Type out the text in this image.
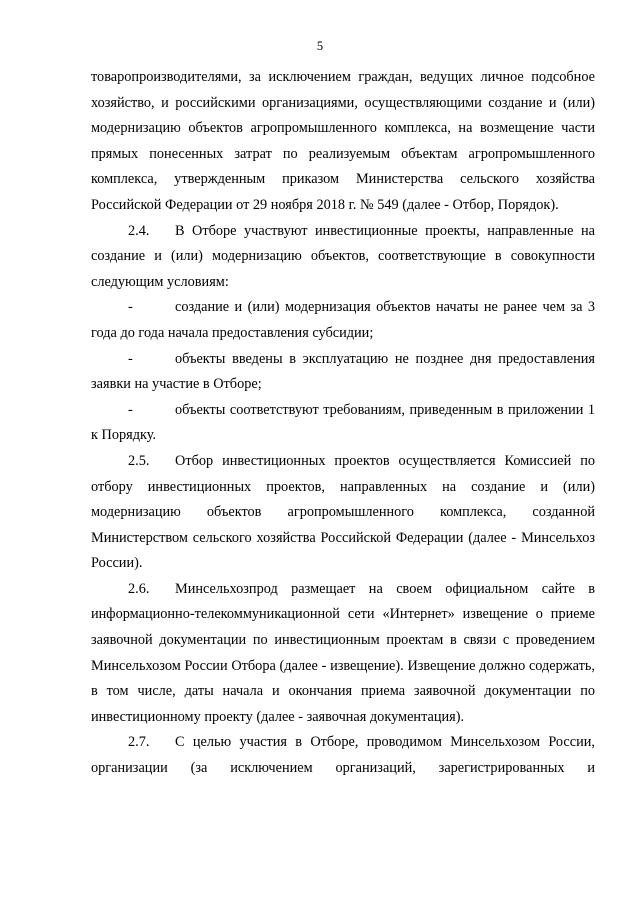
5

товаропроизводителями, за исключением граждан, ведущих личное подсобное хозяйство, и российскими организациями, осуществляющими создание и (или) модернизацию объектов агропромышленного комплекса, на возмещение части прямых понесенных затрат по реализуемым объектам агропромышленного комплекса, утвержденным приказом Министерства сельского хозяйства Российской Федерации от 29 ноября 2018 г. № 549 (далее - Отбор, Порядок).

2.4. В Отборе участвуют инвестиционные проекты, направленные на создание и (или) модернизацию объектов, соответствующие в совокупности следующим условиям:

-	создание и (или) модернизация объектов начаты не ранее чем за 3 года до года начала предоставления субсидии;

-	объекты введены в эксплуатацию не позднее дня предоставления заявки на участие в Отборе;

-	объекты соответствуют требованиям, приведенным в приложении 1 к Порядку.

2.5. Отбор инвестиционных проектов осуществляется Комиссией по отбору инвестиционных проектов, направленных на создание и (или) модернизацию объектов агропромышленного комплекса, созданной Министерством сельского хозяйства Российской Федерации (далее - Минсельхоз России).

2.6. Минсельхозпрод размещает на своем официальном сайте в информационно-телекоммуникационной сети «Интернет» извещение о приеме заявочной документации по инвестиционным проектам в связи с проведением Минсельхозом России Отбора (далее - извещение). Извещение должно содержать, в том числе, даты начала и окончания приема заявочной документации по инвестиционному проекту (далее - заявочная документация).

2.7. С целью участия в Отборе, проводимом Минсельхозом России, организации (за исключением организаций, зарегистрированных и
